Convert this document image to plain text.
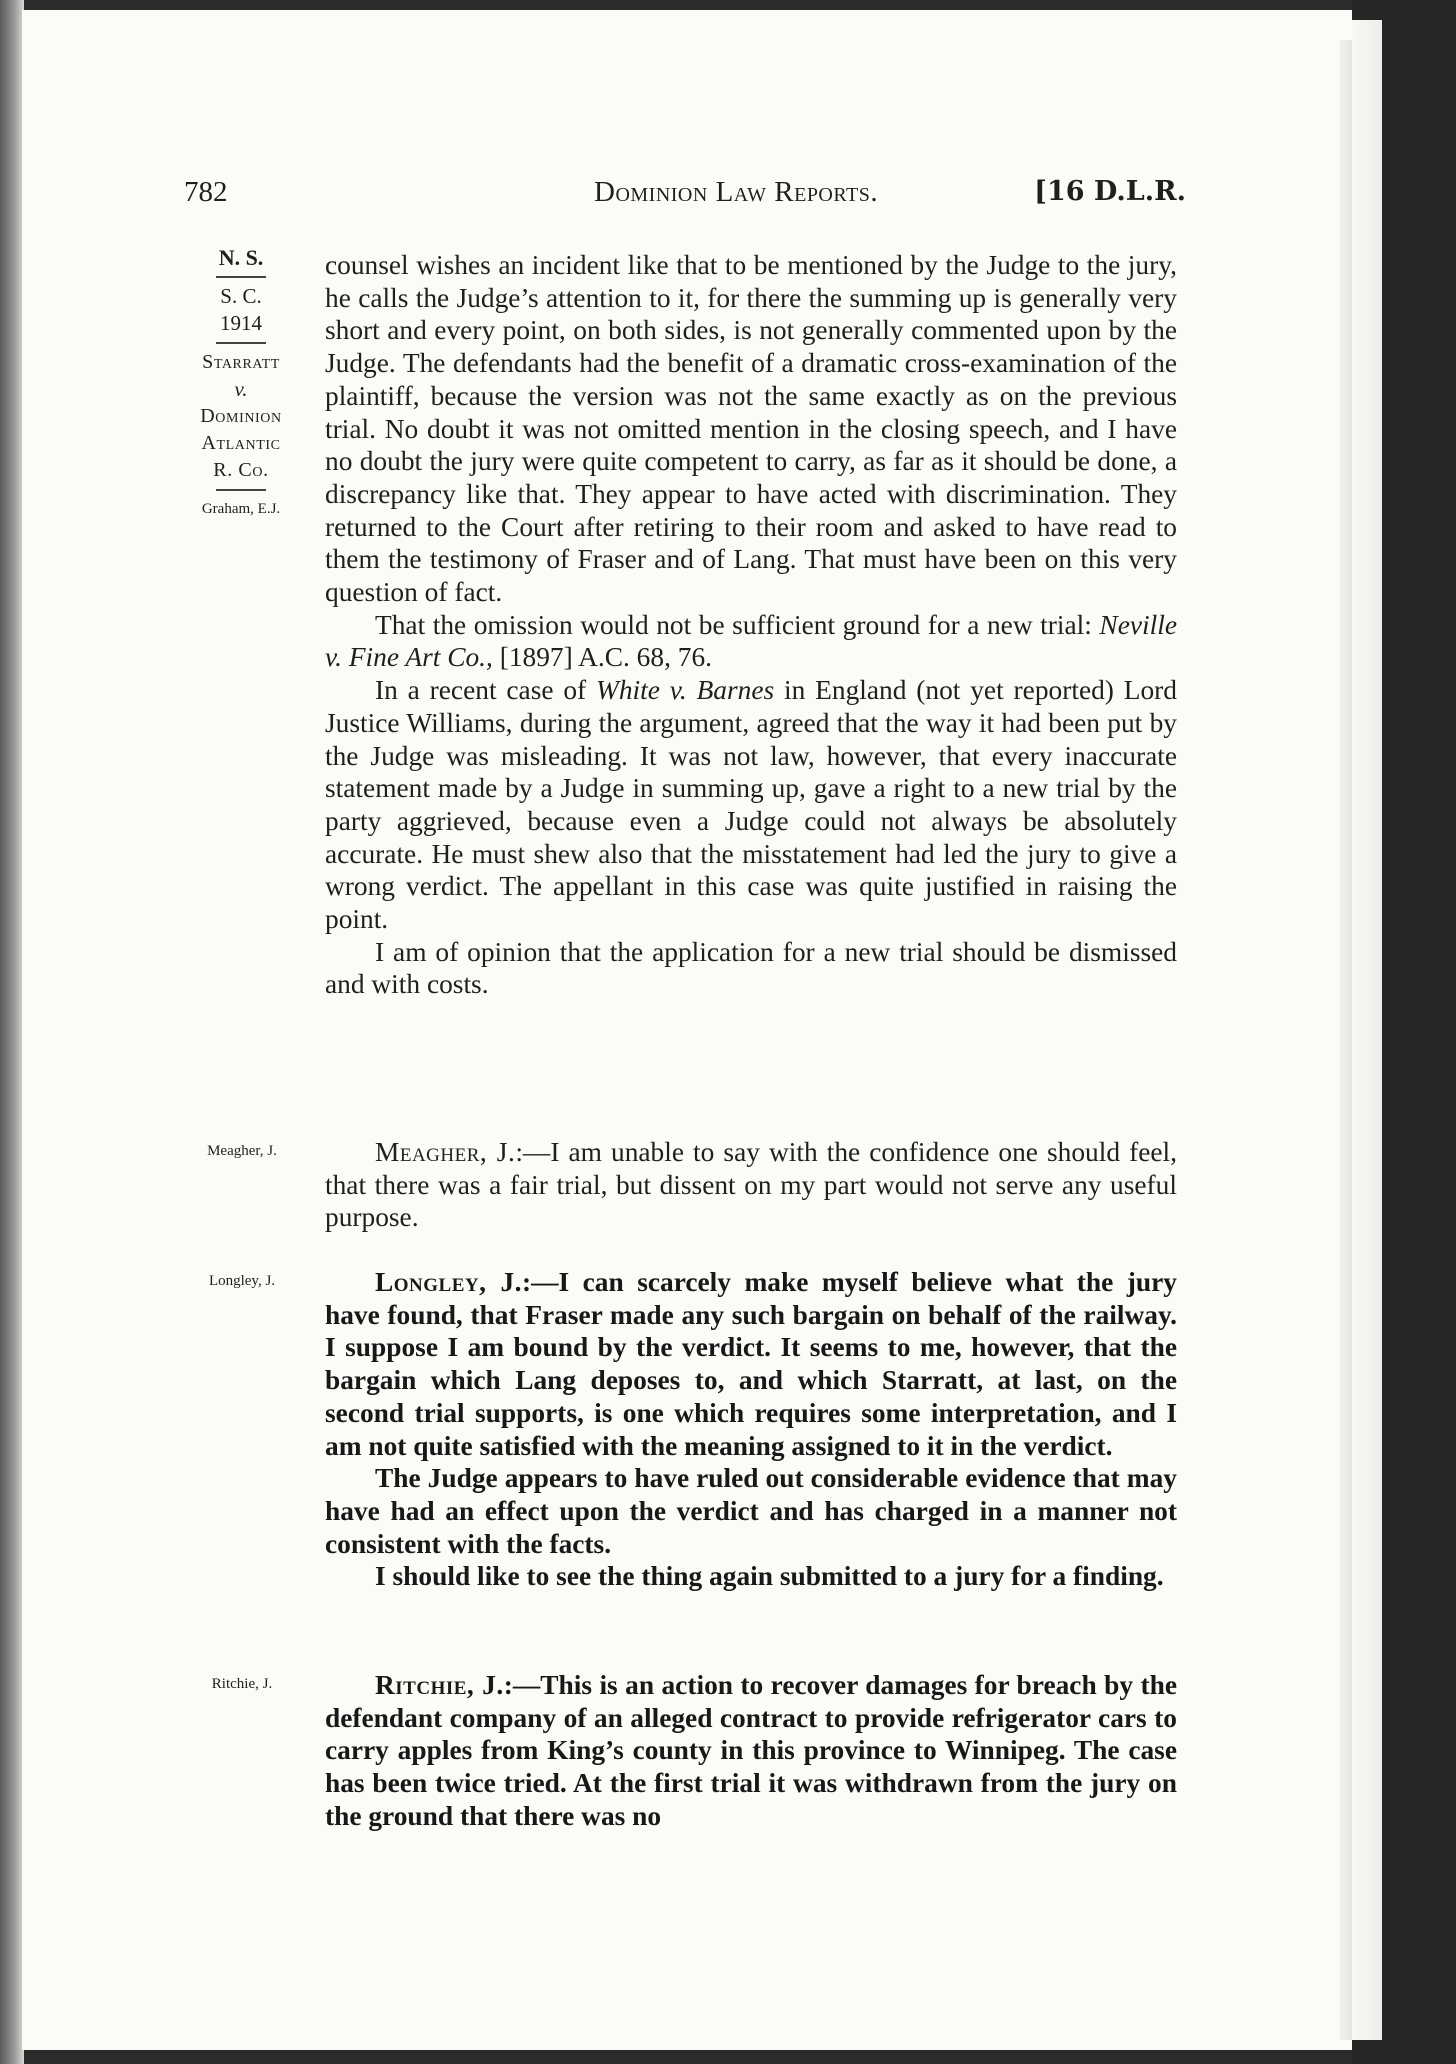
782	Dominion Law Reports.	[16 D.L.R.
N. S.
S. C.
1914
Starratt
v.
Dominion
Atlantic
R. Co.
Graham, E.J.
Meagher, J.
Longley, J.
Ritchie, J.

counsel wishes an incident like that to be mentioned by the Judge to the jury, he calls the Judge’s attention to it, for there the summing up is generally very short and every point, on both sides, is not generally commented upon by the Judge. The defendants had the benefit of a dramatic cross-examination of the plaintiff, because the version was not the same exactly as on the previous trial. No doubt it was not omitted mention in the closing speech, and I have no doubt the jury were quite competent to carry, as far as it should be done, a discrepancy like that. They appear to have acted with discrimination. They returned to the Court after retiring to their room and asked to have read to them the testimony of Fraser and of Lang. That must have been on this very question of fact.

That the omission would not be sufficient ground for a new trial: Neville v. Fine Art Co., [1897] A.C. 68, 76.

In a recent case of White v. Barnes in England (not yet reported) Lord Justice Williams, during the argument, agreed that the way it had been put by the Judge was misleading. It was not law, however, that every inaccurate statement made by a Judge in summing up, gave a right to a new trial by the party aggrieved, because even a Judge could not always be absolutely accurate. He must shew also that the misstatement had led the jury to give a wrong verdict. The appellant in this case was quite justified in raising the point.

I am of opinion that the application for a new trial should be dismissed and with costs.

Meagher, J.:—I am unable to say with the confidence one should feel, that there was a fair trial, but dissent on my part would not serve any useful purpose.

Longley, J.:—I can scarcely make myself believe what the jury have found, that Fraser made any such bargain on behalf of the railway. I suppose I am bound by the verdict. It seems to me, however, that the bargain which Lang deposes to, and which Starratt, at last, on the second trial supports, is one which requires some interpretation, and I am not quite satisfied with the meaning assigned to it in the verdict.

The Judge appears to have ruled out considerable evidence that may have had an effect upon the verdict and has charged in a manner not consistent with the facts.

I should like to see the thing again submitted to a jury for a finding.

Ritchie, J.:—This is an action to recover damages for breach by the defendant company of an alleged contract to provide refrigerator cars to carry apples from King’s county in this province to Winnipeg. The case has been twice tried. At the first trial it was withdrawn from the jury on the ground that there was no
